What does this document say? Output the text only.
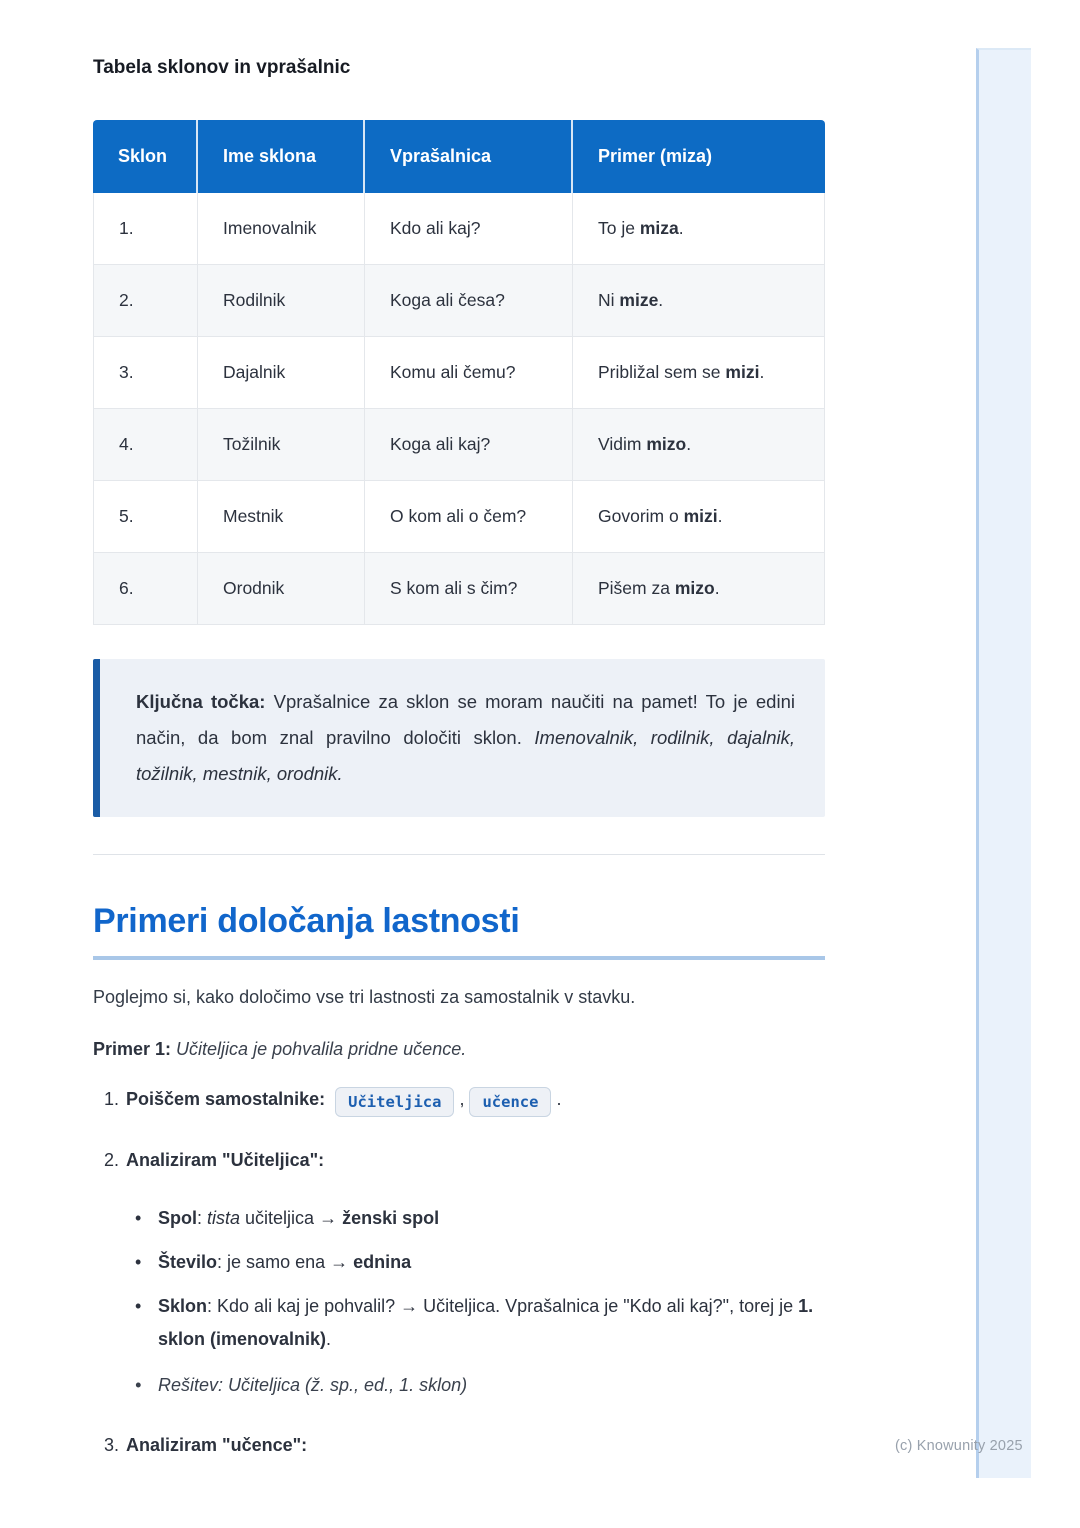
(c) Knowunity 2025
Tabela sklonov in vprašalnic
Sklon	Ime sklona	Vprašalnica	Primer (miza)
1.	Imenovalnik	Kdo ali kaj?	To je miza.
2.	Rodilnik	Koga ali česa?	Ni mize.
3.	Dajalnik	Komu ali čemu?	Približal sem se mizi.
4.	Tožilnik	Koga ali kaj?	Vidim mizo.
5.	Mestnik	O kom ali o čem?	Govorim o mizi.
6.	Orodnik	S kom ali s čim?	Pišem za mizo.
Ključna točka: Vprašalnice za sklon se moram naučiti na pamet! To je edini način, da bom znal pravilno določiti sklon. Imenovalnik, rodilnik, dajalnik, tožilnik, mestnik, orodnik.
Primeri določanja lastnosti

Poglejmo si, kako določimo vse tri lastnosti za samostalnik v stavku.

Primer 1: Učiteljica je pohvalila pridne učence.

1. Poiščem samostalnike: Učiteljica , učence .
2. Analiziram "Učiteljica":
• Spol: tista učiteljica → ženski spol
• Število: je samo ena → ednina
• Sklon: Kdo ali kaj je pohvalil? → Učiteljica. Vprašalnica je "Kdo ali kaj?", torej je 1. sklon (imenovalnik).
• Rešitev: Učiteljica (ž. sp., ed., 1. sklon)
3. Analiziram "učence":
